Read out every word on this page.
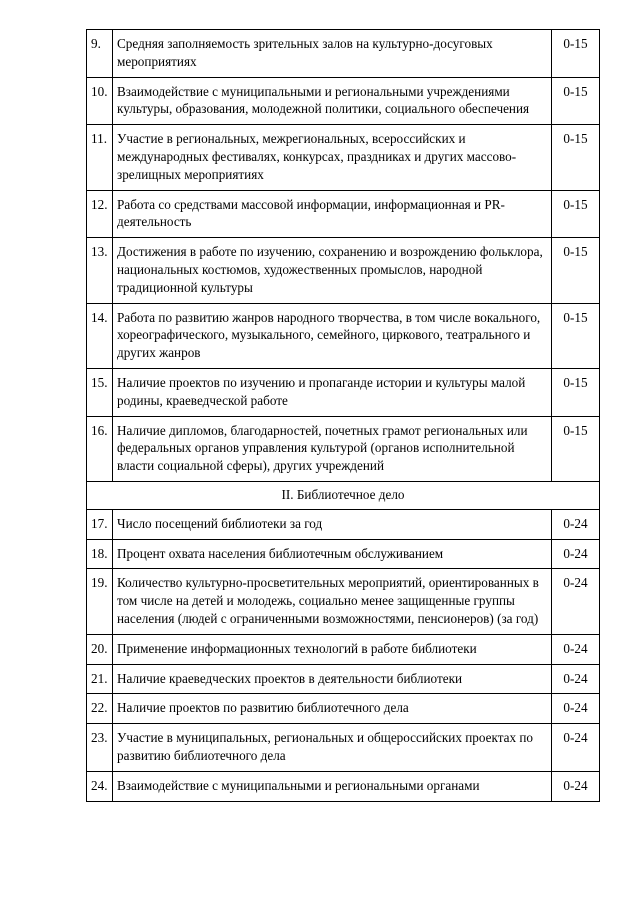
9.	Средняя заполняемость зрительных залов на культурно-досуговых мероприятиях	0-15
10.	Взаимодействие с муниципальными и региональными учреждениями культуры, образования, молодежной политики, социального обеспечения	0-15
11.	Участие в региональных, межрегиональных, всероссийских и международных фестивалях, конкурсах, праздниках и других массово-зрелищных мероприятиях	0-15
12.	Работа со средствами массовой информации, информационная и PR-деятельность	0-15
13.	Достижения в работе по изучению, сохранению и возрождению фольклора, национальных костюмов, художественных промыслов, народной традиционной культуры	0-15
14.	Работа по развитию жанров народного творчества, в том числе вокального, хореографического, музыкального, семейного, циркового, театрального и других жанров	0-15
15.	Наличие проектов по изучению и пропаганде истории и культуры малой родины, краеведческой работе	0-15
16.	Наличие дипломов, благодарностей, почетных грамот региональных или федеральных органов управления культурой (органов исполнительной власти социальной сферы), других учреждений	0-15
II. Библиотечное дело		
17.	Число посещений библиотеки за год	0-24
18.	Процент охвата населения библиотечным обслуживанием	0-24
19.	Количество культурно-просветительных мероприятий, ориентированных в том числе на детей и молодежь, социально менее защищенные группы населения (людей с ограниченными возможностями, пенсионеров) (за год)	0-24
20.	Применение информационных технологий в работе библиотеки	0-24
21.	Наличие краеведческих проектов в деятельности библиотеки	0-24
22.	Наличие проектов по развитию библиотечного дела	0-24
23.	Участие в муниципальных, региональных и общероссийских проектах по развитию библиотечного дела	0-24
24.	Взаимодействие с муниципальными и региональными органами	0-24
